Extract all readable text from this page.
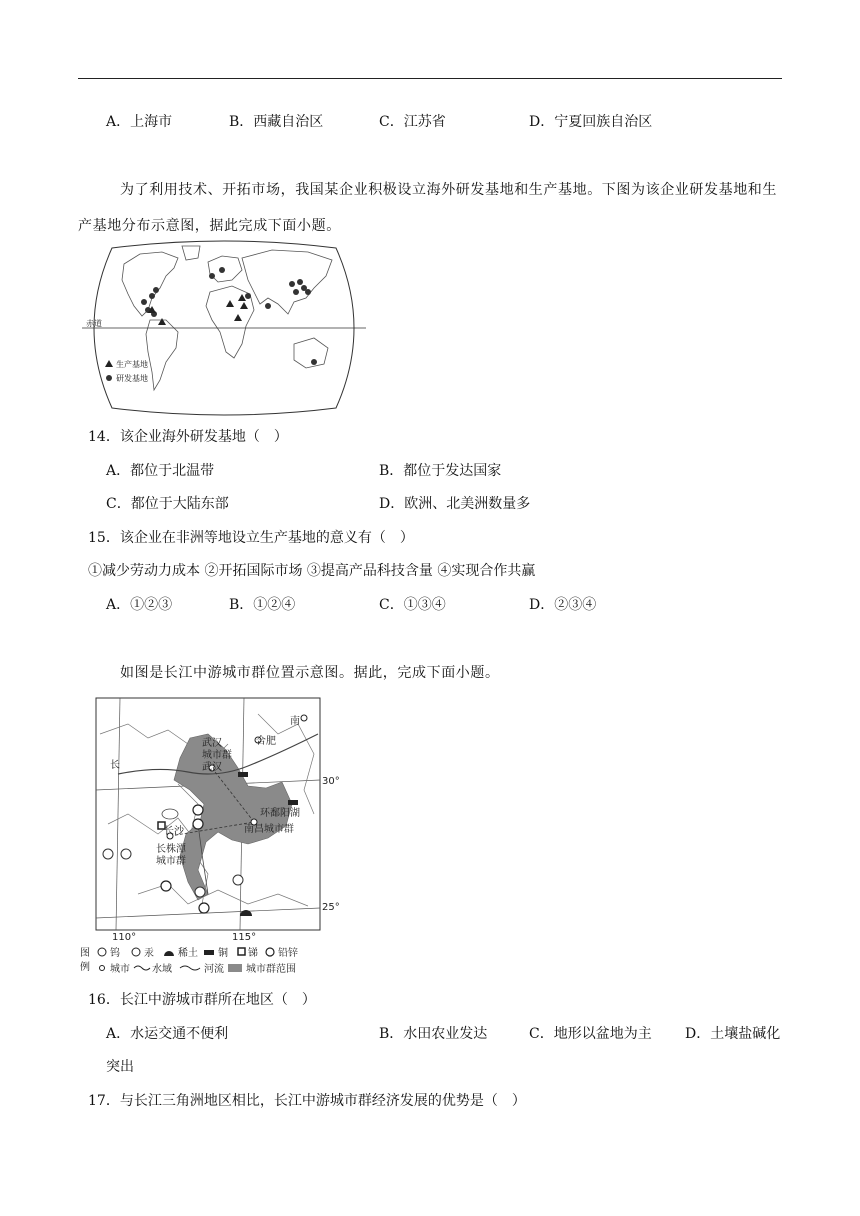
A．上海市	B．西藏自治区	C．江苏省	D．宁夏回族自治区
为了利用技术、开拓市场，我国某企业积极设立海外研发基地和生产基地。下图为该企业研发基地和生产基地分布示意图，据此完成下面小题。
赤道
生产基地
研发基地
14．该企业海外研发基地（　）
A．都位于北温带	B．都位于发达国家
C．都位于大陆东部	D．欧洲、北美洲数量多
15．该企业在非洲等地设立生产基地的意义有（　）
①减少劳动力成本 ②开拓国际市场 ③提高产品科技含量 ④实现合作共赢
A．①②③	B．①②④	C．①③④	D．②③④
如图是长江中游城市群位置示意图。据此，完成下面小题。
武汉
城市群
武汉
合肥
南
长
环鄱阳湖
南昌城市群
长沙
长株潭
城市群
30°
25°
110°	115°
图
例
钨 汞 稀土 铜 锑 铅锌
城市 水域	河流 城市群范围
16．长江中游城市群所在地区（　）
A．水运交通不便利	B．水田农业发达	C．地形以盆地为主 D．土壤盐碱化
突出
17．与长江三角洲地区相比，长江中游城市群经济发展的优势是（　）
